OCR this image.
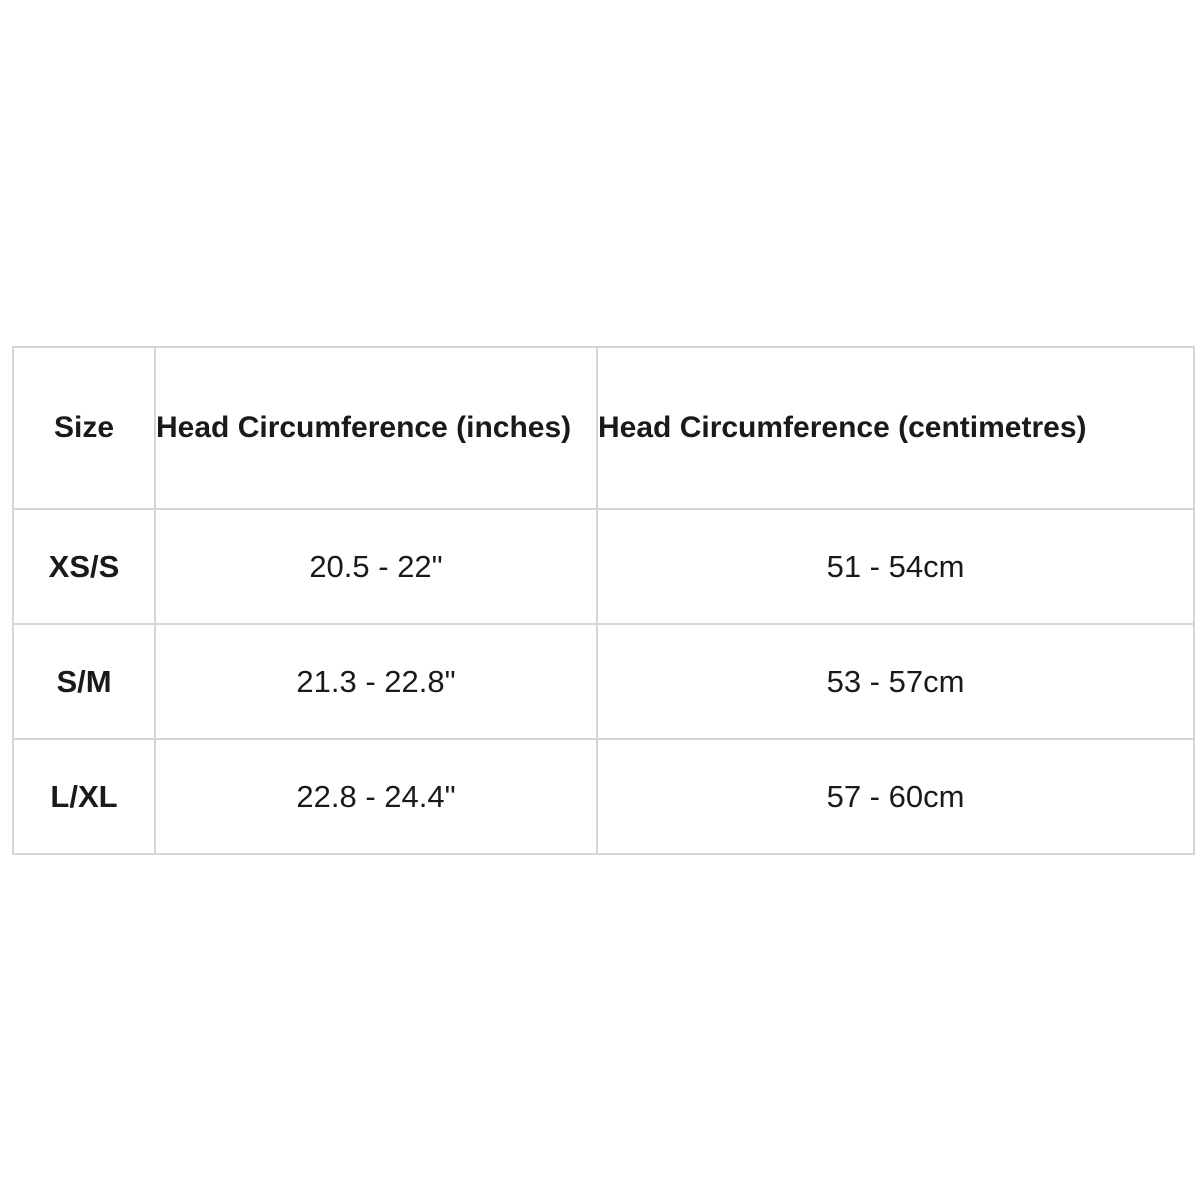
Size	Head Circumference (inches)	Head Circumference (centimetres)
XS/S	20.5 - 22"	51 - 54cm
S/M	21.3 - 22.8"	53 - 57cm
L/XL	22.8 - 24.4"	57 - 60cm
